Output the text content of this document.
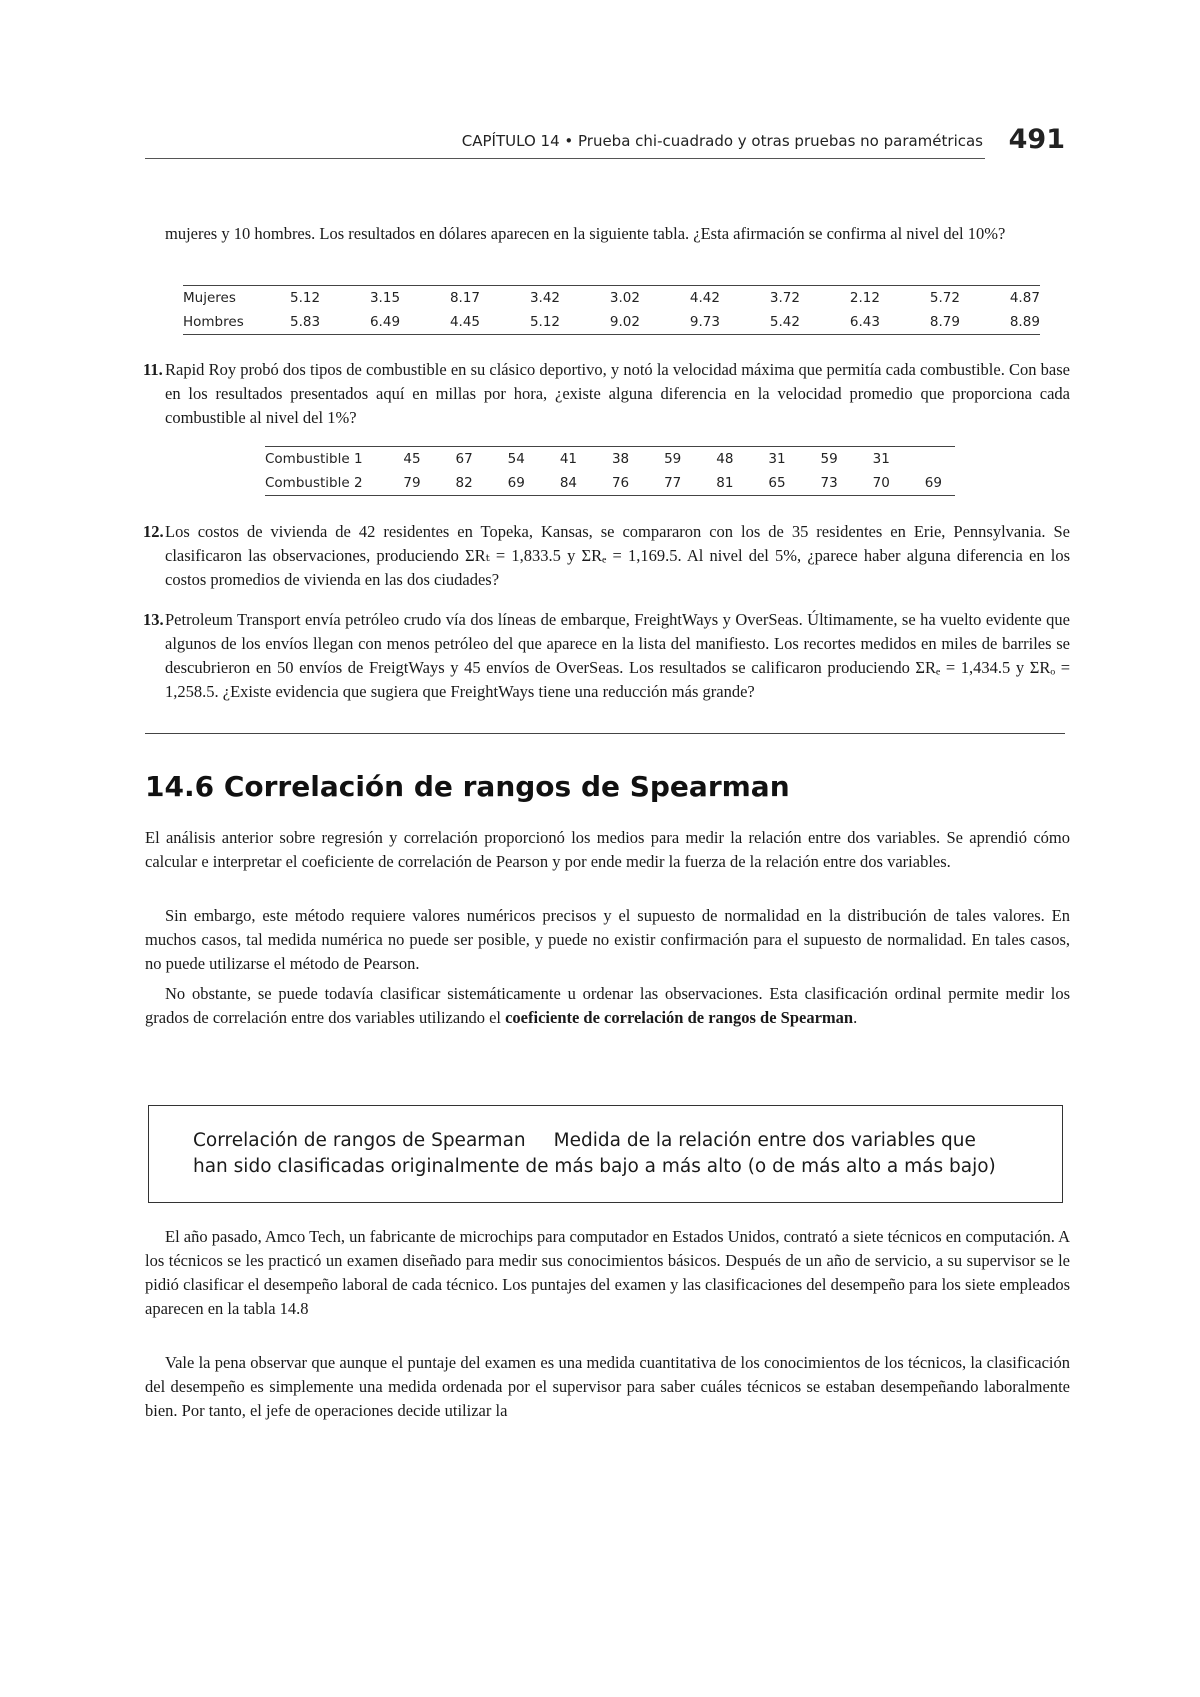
CAPÍTULO 14 • Prueba chi-cuadrado y otras pruebas no paramétricas 491
mujeres y 10 hombres. Los resultados en dólares aparecen en la siguiente tabla. ¿Esta afirmación se confirma al nivel del 10%?
Mujeres	5.12	3.15	8.17	3.42	3.02	4.42	3.72	2.12	5.72	4.87
Hombres	5.83	6.49	4.45	5.12	9.02	9.73	5.42	6.43	8.79	8.89
11. Rapid Roy probó dos tipos de combustible en su clásico deportivo, y notó la velocidad máxima que permitía cada combustible. Con base en los resultados presentados aquí en millas por hora, ¿existe alguna diferencia en la velocidad promedio que proporciona cada combustible al nivel del 1%?
Combustible 1	45	67	54	41	38	59	48	31	59	31	
Combustible 2	79	82	69	84	76	77	81	65	73	70	69
12. Los costos de vivienda de 42 residentes en Topeka, Kansas, se compararon con los de 35 residentes en Erie, Pennsylvania. Se clasificaron las observaciones, produciendo ΣRₜ = 1,833.5 y ΣRₑ = 1,169.5. Al nivel del 5%, ¿parece haber alguna diferencia en los costos promedios de vivienda en las dos ciudades?
13. Petroleum Transport envía petróleo crudo vía dos líneas de embarque, FreightWays y OverSeas. Últimamente, se ha vuelto evidente que algunos de los envíos llegan con menos petróleo del que aparece en la lista del manifiesto. Los recortes medidos en miles de barriles se descubrieron en 50 envíos de FreigtWays y 45 envíos de OverSeas. Los resultados se calificaron produciendo ΣRₑ = 1,434.5 y ΣRₒ = 1,258.5. ¿Existe evidencia que sugiera que FreightWays tiene una reducción más grande?
14.6 Correlación de rangos de Spearman
El análisis anterior sobre regresión y correlación proporcionó los medios para medir la relación entre dos variables. Se aprendió cómo calcular e interpretar el coeficiente de correlación de Pearson y por ende medir la fuerza de la relación entre dos variables.
Sin embargo, este método requiere valores numéricos precisos y el supuesto de normalidad en la distribución de tales valores. En muchos casos, tal medida numérica no puede ser posible, y puede no existir confirmación para el supuesto de normalidad. En tales casos, no puede utilizarse el método de Pearson.
No obstante, se puede todavía clasificar sistemáticamente u ordenar las observaciones. Esta clasificación ordinal permite medir los grados de correlación entre dos variables utilizando el coeficiente de correlación de rangos de Spearman.
Correlación de rangos de Spearman Medida de la relación entre dos variables que han sido clasificadas originalmente de más bajo a más alto (o de más alto a más bajo)
El año pasado, Amco Tech, un fabricante de microchips para computador en Estados Unidos, contrató a siete técnicos en computación. A los técnicos se les practicó un examen diseñado para medir sus conocimientos básicos. Después de un año de servicio, a su supervisor se le pidió clasificar el desempeño laboral de cada técnico. Los puntajes del examen y las clasificaciones del desempeño para los siete empleados aparecen en la tabla 14.8
Vale la pena observar que aunque el puntaje del examen es una medida cuantitativa de los conocimientos de los técnicos, la clasificación del desempeño es simplemente una medida ordenada por el supervisor para saber cuáles técnicos se estaban desempeñando laboralmente bien. Por tanto, el jefe de operaciones decide utilizar la
